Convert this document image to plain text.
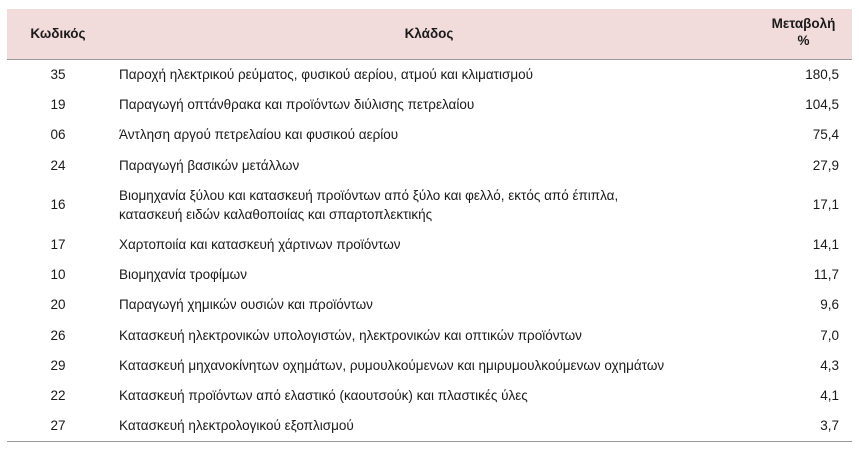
Κωδικός	Κλάδος	Μεταβολή
%
35	Παροχή ηλεκτρικού ρεύματος, φυσικού αερίου, ατμού και κλιματισμού	180,5
19	Παραγωγή οπτάνθρακα και προϊόντων διύλισης πετρελαίου	104,5
06	Άντληση αργού πετρελαίου και φυσικού αερίου	75,4
24	Παραγωγή βασικών μετάλλων	27,9
16	Βιομηχανία ξύλου και κατασκευή προϊόντων από ξύλο και φελλό, εκτός από έπιπλα,
κατασκευή ειδών καλαθοποιίας και σπαρτοπλεκτικής	17,1
17	Χαρτοποιία και κατασκευή χάρτινων προϊόντων	14,1
10	Βιομηχανία τροφίμων	11,7
20	Παραγωγή χημικών ουσιών και προϊόντων	9,6
26	Κατασκευή ηλεκτρονικών υπολογιστών, ηλεκτρονικών και οπτικών προϊόντων	7,0
29	Κατασκευή μηχανοκίνητων οχημάτων, ρυμουλκούμενων και ημιρυμουλκούμενων οχημάτων	4,3
22	Κατασκευή προϊόντων από ελαστικό (καουτσούκ) και πλαστικές ύλες	4,1
27	Κατασκευή ηλεκτρολογικού εξοπλισμού	3,7
